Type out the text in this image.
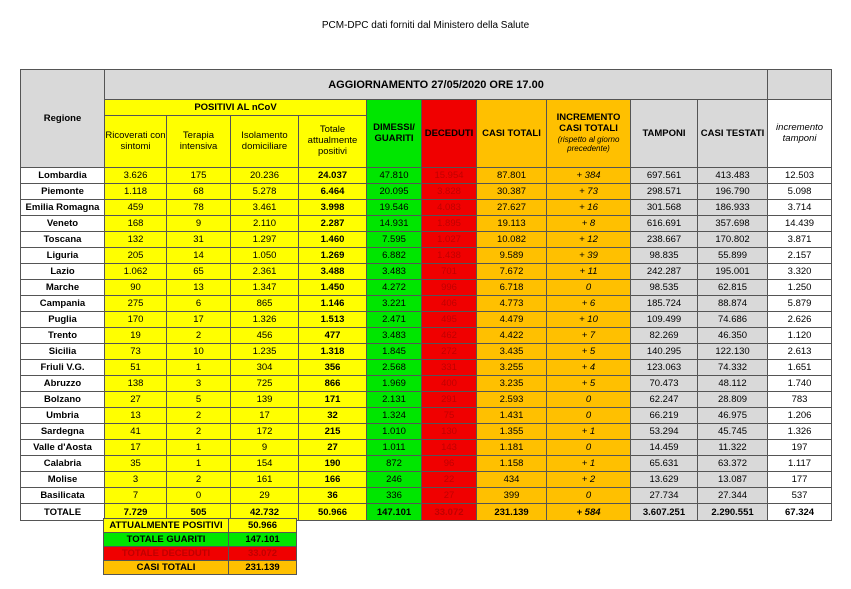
PCM-DPC dati forniti dal Ministero della Salute
Regione	AGGIORNAMENTO 27/05/2020 ORE 17.00										
	POSITIVI AL nCoV				DIMESSI/ GUARITI	DECEDUTI	CASI TOTALI	INCREMENTO CASI TOTALI
(rispetto al giorno precedente)	TAMPONI	CASI TESTATI	incremento tamponi
	Ricoverati con sintomi	Terapia intensiva	Isolamento domiciliare	Totale attualmente positivi							
Lombardia	3.626	175	20.236	24.037	47.810	15.954	87.801	+ 384	697.561	413.483	12.503
Piemonte	1.118	68	5.278	6.464	20.095	3.828	30.387	+ 73	298.571	196.790	5.098
Emilia Romagna	459	78	3.461	3.998	19.546	4.083	27.627	+ 16	301.568	186.933	3.714
Veneto	168	9	2.110	2.287	14.931	1.895	19.113	+ 8	616.691	357.698	14.439
Toscana	132	31	1.297	1.460	7.595	1.027	10.082	+ 12	238.667	170.802	3.871
Liguria	205	14	1.050	1.269	6.882	1.438	9.589	+ 39	98.835	55.899	2.157
Lazio	1.062	65	2.361	3.488	3.483	701	7.672	+ 11	242.287	195.001	3.320
Marche	90	13	1.347	1.450	4.272	996	6.718	0	98.535	62.815	1.250
Campania	275	6	865	1.146	3.221	406	4.773	+ 6	185.724	88.874	5.879
Puglia	170	17	1.326	1.513	2.471	495	4.479	+ 10	109.499	74.686	2.626
Trento	19	2	456	477	3.483	462	4.422	+ 7	82.269	46.350	1.120
Sicilia	73	10	1.235	1.318	1.845	272	3.435	+ 5	140.295	122.130	2.613
Friuli V.G.	51	1	304	356	2.568	331	3.255	+ 4	123.063	74.332	1.651
Abruzzo	138	3	725	866	1.969	400	3.235	+ 5	70.473	48.112	1.740
Bolzano	27	5	139	171	2.131	291	2.593	0	62.247	28.809	783
Umbria	13	2	17	32	1.324	75	1.431	0	66.219	46.975	1.206
Sardegna	41	2	172	215	1.010	130	1.355	+ 1	53.294	45.745	1.326
Valle d'Aosta	17	1	9	27	1.011	143	1.181	0	14.459	11.322	197
Calabria	35	1	154	190	872	96	1.158	+ 1	65.631	63.372	1.117
Molise	3	2	161	166	246	22	434	+ 2	13.629	13.087	177
Basilicata	7	0	29	36	336	27	399	0	27.734	27.344	537
TOTALE	7.729	505	42.732	50.966	147.101	33.072	231.139	+ 584	3.607.251	2.290.551	67.324
ATTUALMENTE POSITIVI	50.966
TOTALE GUARITI	147.101
TOTALE DECEDUTI	33.072
CASI TOTALI	231.139
